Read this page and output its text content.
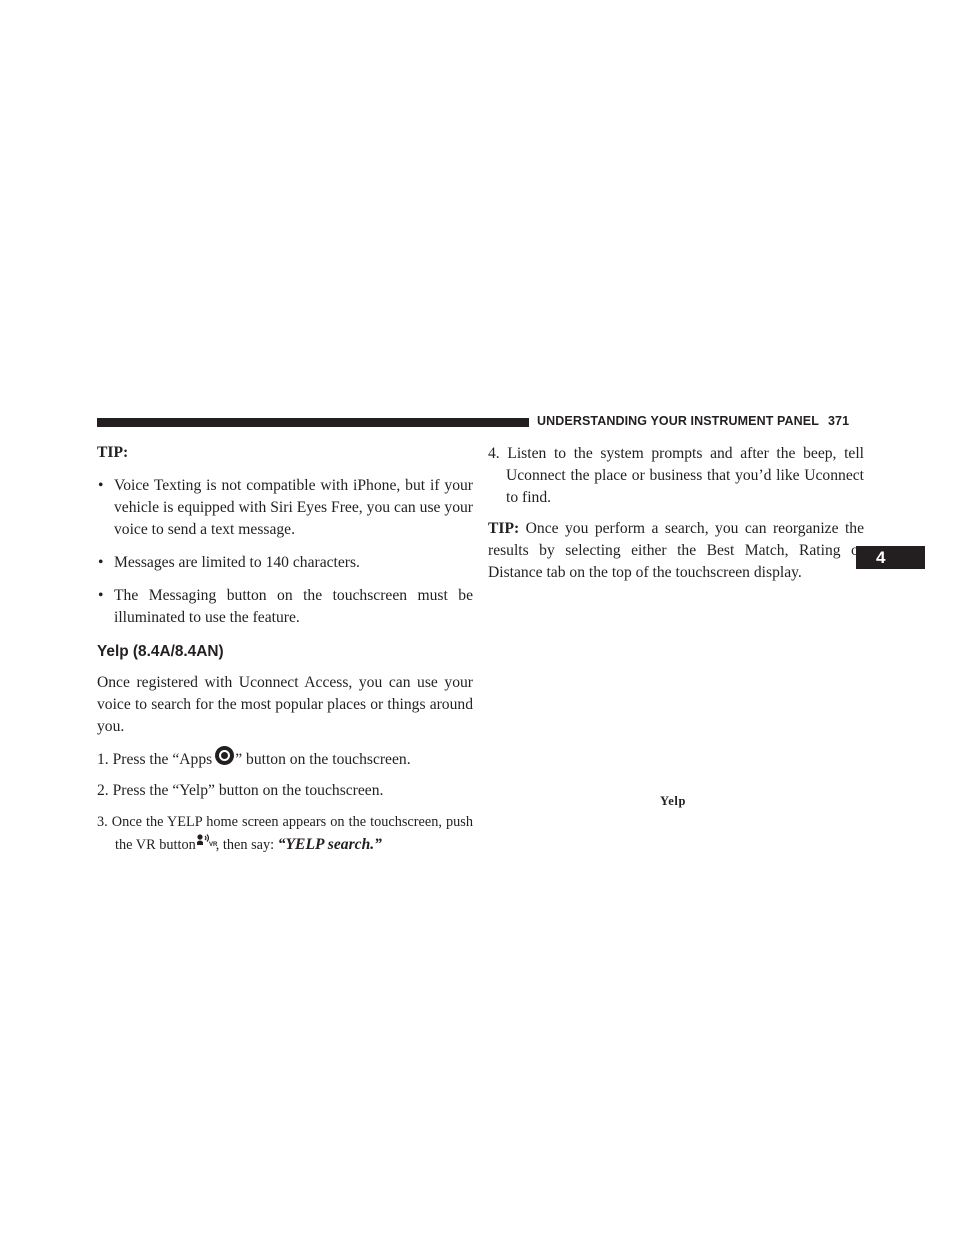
UNDERSTANDING YOUR INSTRUMENT PANEL 371
4

TIP:

• Voice Texting is not compatible with iPhone, but if your vehicle is equipped with Siri Eyes Free, you can use your voice to send a text message.
• Messages are limited to 140 characters.
• The Messaging button on the touchscreen must be illuminated to use the feature.
Yelp (8.4A/8.4AN)

Once registered with Uconnect Access, you can use your voice to search for the most popular places or things around you.

1. Press the “Apps ” button on the touchscreen.

2. Press the “Yelp” button on the touchscreen.

3. Once the YELP home screen appears on the touchscreen, push the VR button VR
, then say: “YELP search.”

4. Listen to the system prompts and after the beep, tell Uconnect the place or business that you’d like Uconnect to find.

TIP: Once you perform a search, you can reorganize the results by selecting either the Best Match, Rating or Distance tab on the top of the touchscreen display.

Yelp
